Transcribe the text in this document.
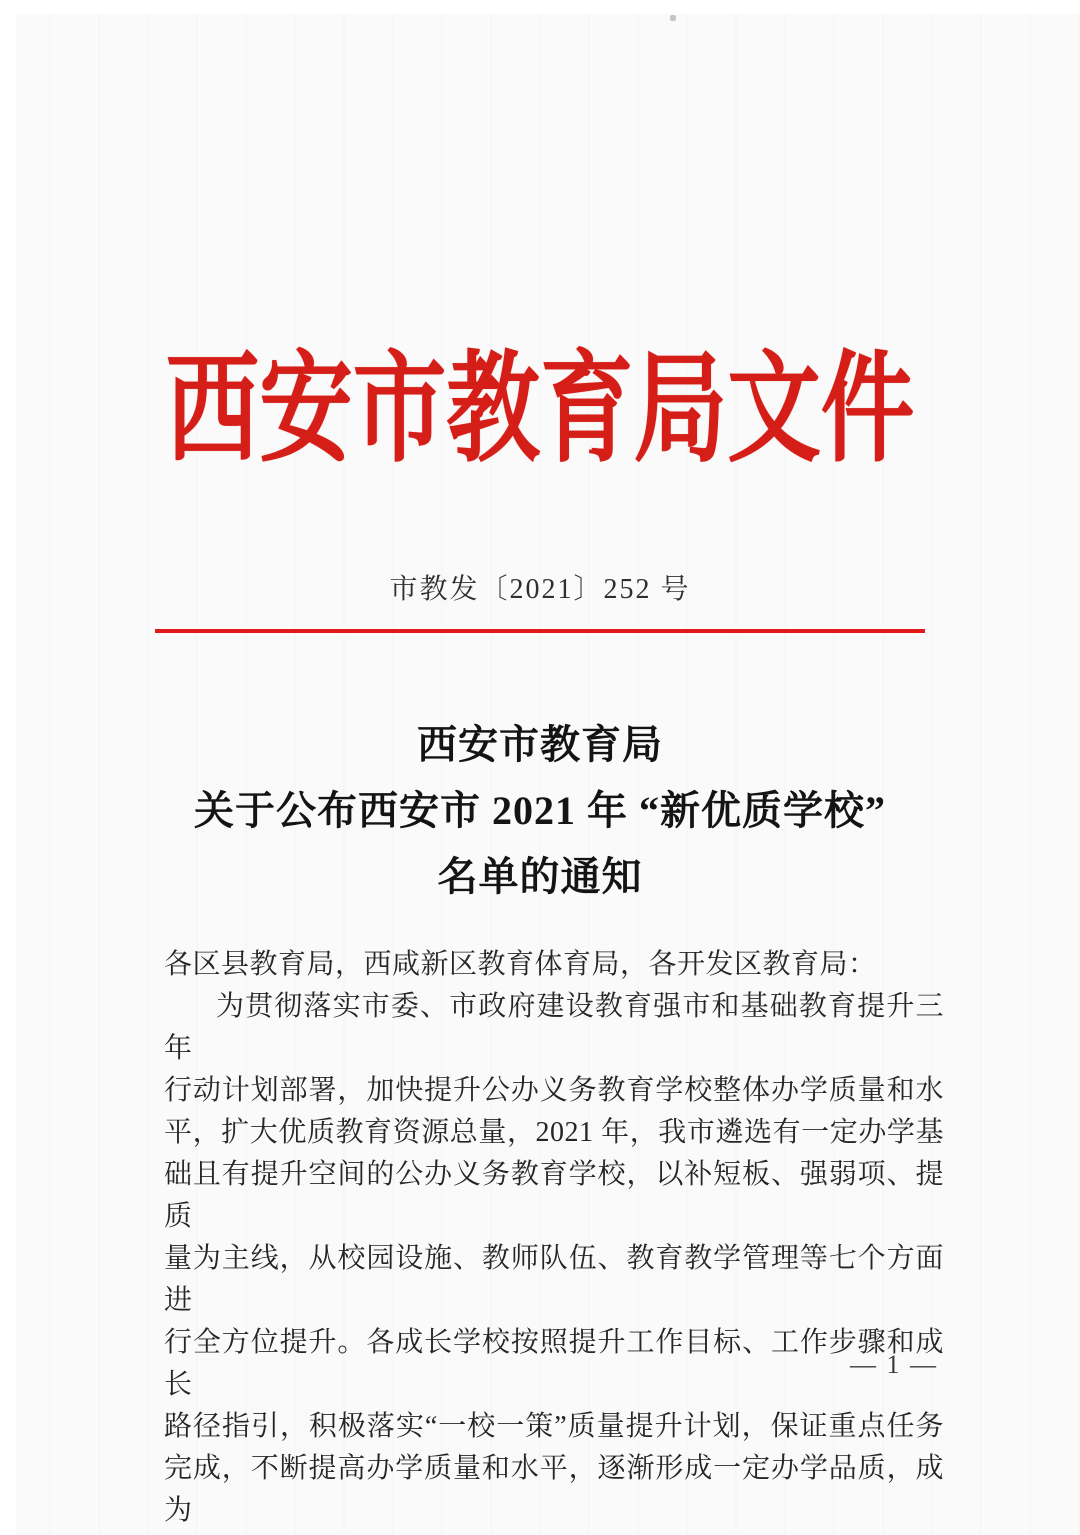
西安市教育局文件
市教发〔2021〕252 号
西安市教育局
关于公布西安市 2021 年 “新优质学校”
名单的通知
各区县教育局，西咸新区教育体育局，各开发区教育局：
为贯彻落实市委、市政府建设教育强市和基础教育提升三年
行动计划部署，加快提升公办义务教育学校整体办学质量和水
平，扩大优质教育资源总量，2021 年，我市遴选有一定办学基
础且有提升空间的公办义务教育学校，以补短板、强弱项、提质
量为主线，从校园设施、教师队伍、教育教学管理等七个方面进
行全方位提升。各成长学校按照提升工作目标、工作步骤和成长
路径指引，积极落实“一校一策”质量提升计划，保证重点任务
完成，不断提高办学质量和水平，逐渐形成一定办学品质，成为
— 1 —
